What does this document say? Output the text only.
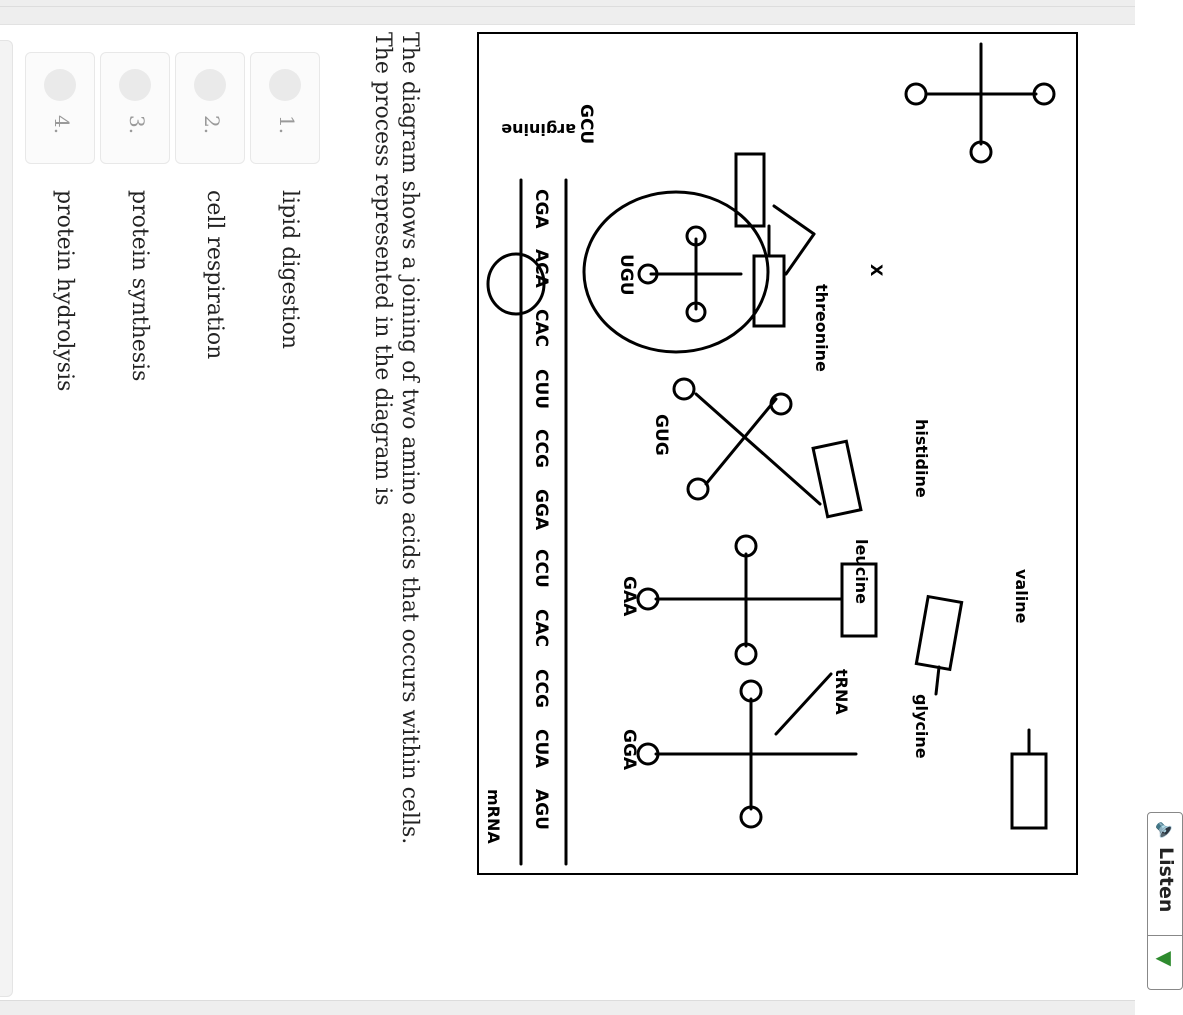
🔈
Listen
▼
arginine
X
threonine
histidine
leucine	valine
glycine
tRNA
mRNA
GCU
UGU
GUG
GAA
GGA
CGA
ACA
CAC
CUU
CCG
GGA
CCU
CAC
CCG
CUA
AGU
The diagram shows a joining of two amino acids that occurs within cells.
The process represented in the diagram is
1.
lipid digestion
2.
cell respiration
3.
protein synthesis
4.
protein hydrolysis
